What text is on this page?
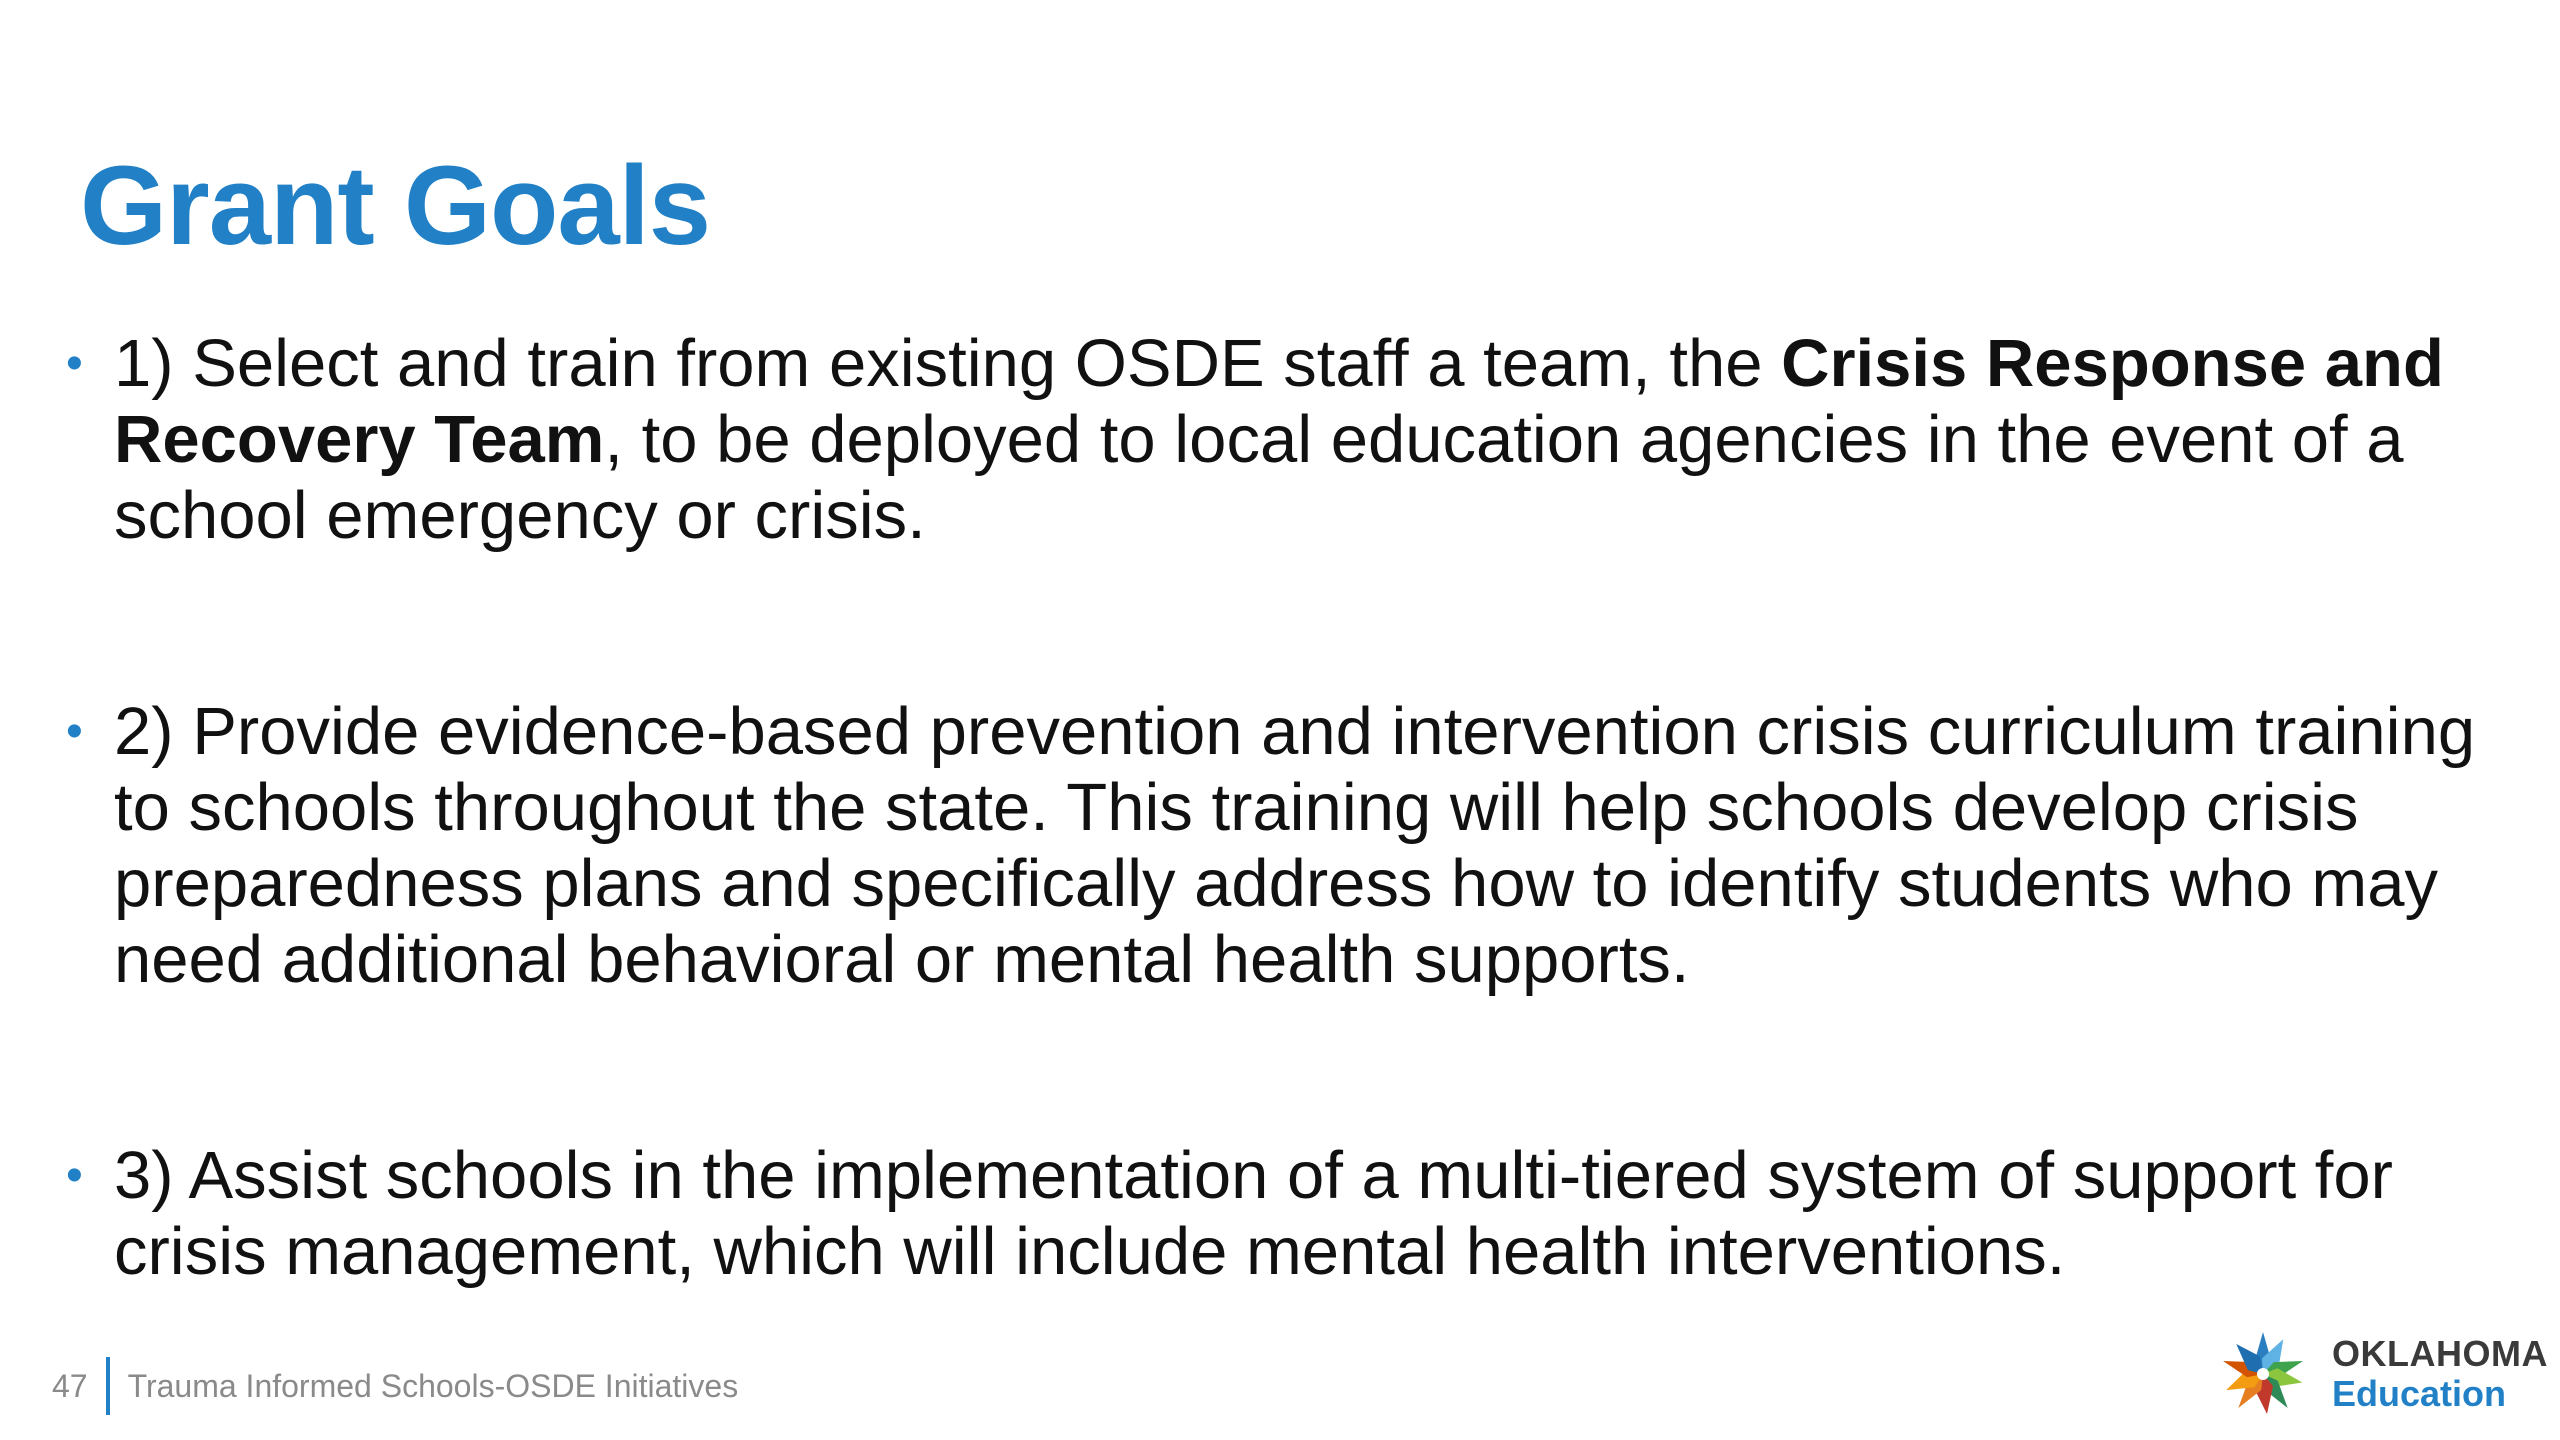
Grant Goals
• 1) Select and train from existing OSDE staff a team, the Crisis Response and Recovery Team, to be deployed to local education agencies in the event of a school emergency or crisis.
• 2) Provide evidence-based prevention and intervention crisis curriculum training to schools throughout the state. This training will help schools develop crisis preparedness plans and specifically address how to identify students who may need additional behavioral or mental health supports.
• 3) Assist schools in the implementation of a multi-tiered system of support for crisis management, which will include mental health interventions.
47 Trauma Informed Schools-OSDE Initiatives
OKLAHOMA
Education
